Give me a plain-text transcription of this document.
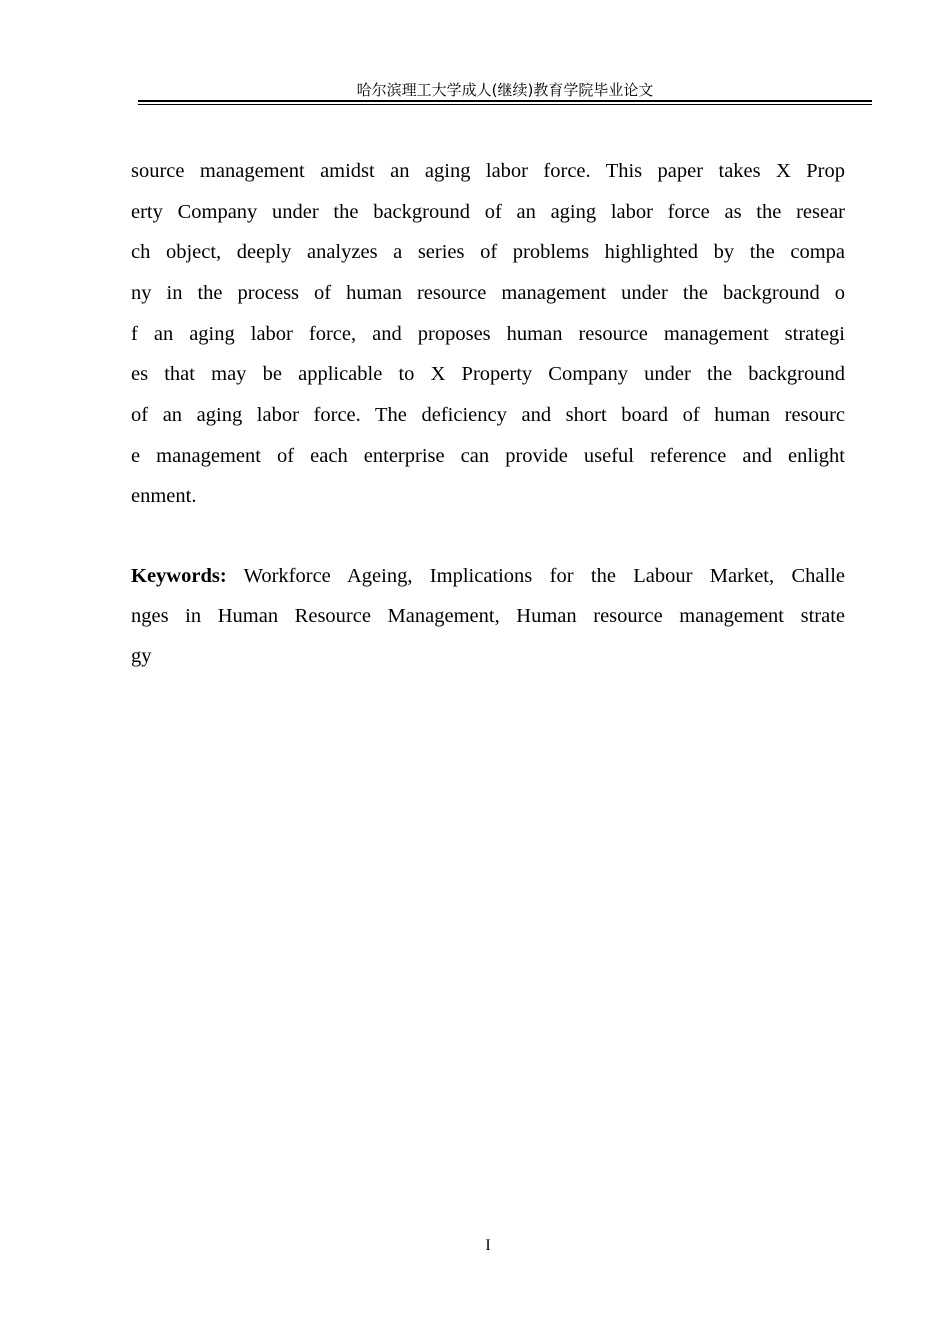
哈尔滨理工大学成人(继续)教育学院毕业论文
source management amidst an aging labor force. This paper takes X Prop
erty Company under the background of an aging labor force as the resear
ch object, deeply analyzes a series of problems highlighted by the compa
ny in the process of human resource management under the background o
f an aging labor force, and proposes human resource management strategi
es that may be applicable to X Property Company under the background
of an aging labor force. The deficiency and short board of human resourc
e management of each enterprise can provide useful reference and enlight
enment.
Keywords: Workforce Ageing, Implications for the Labour Market, Challe
nges in Human Resource Management, Human resource management strate
gy
I
